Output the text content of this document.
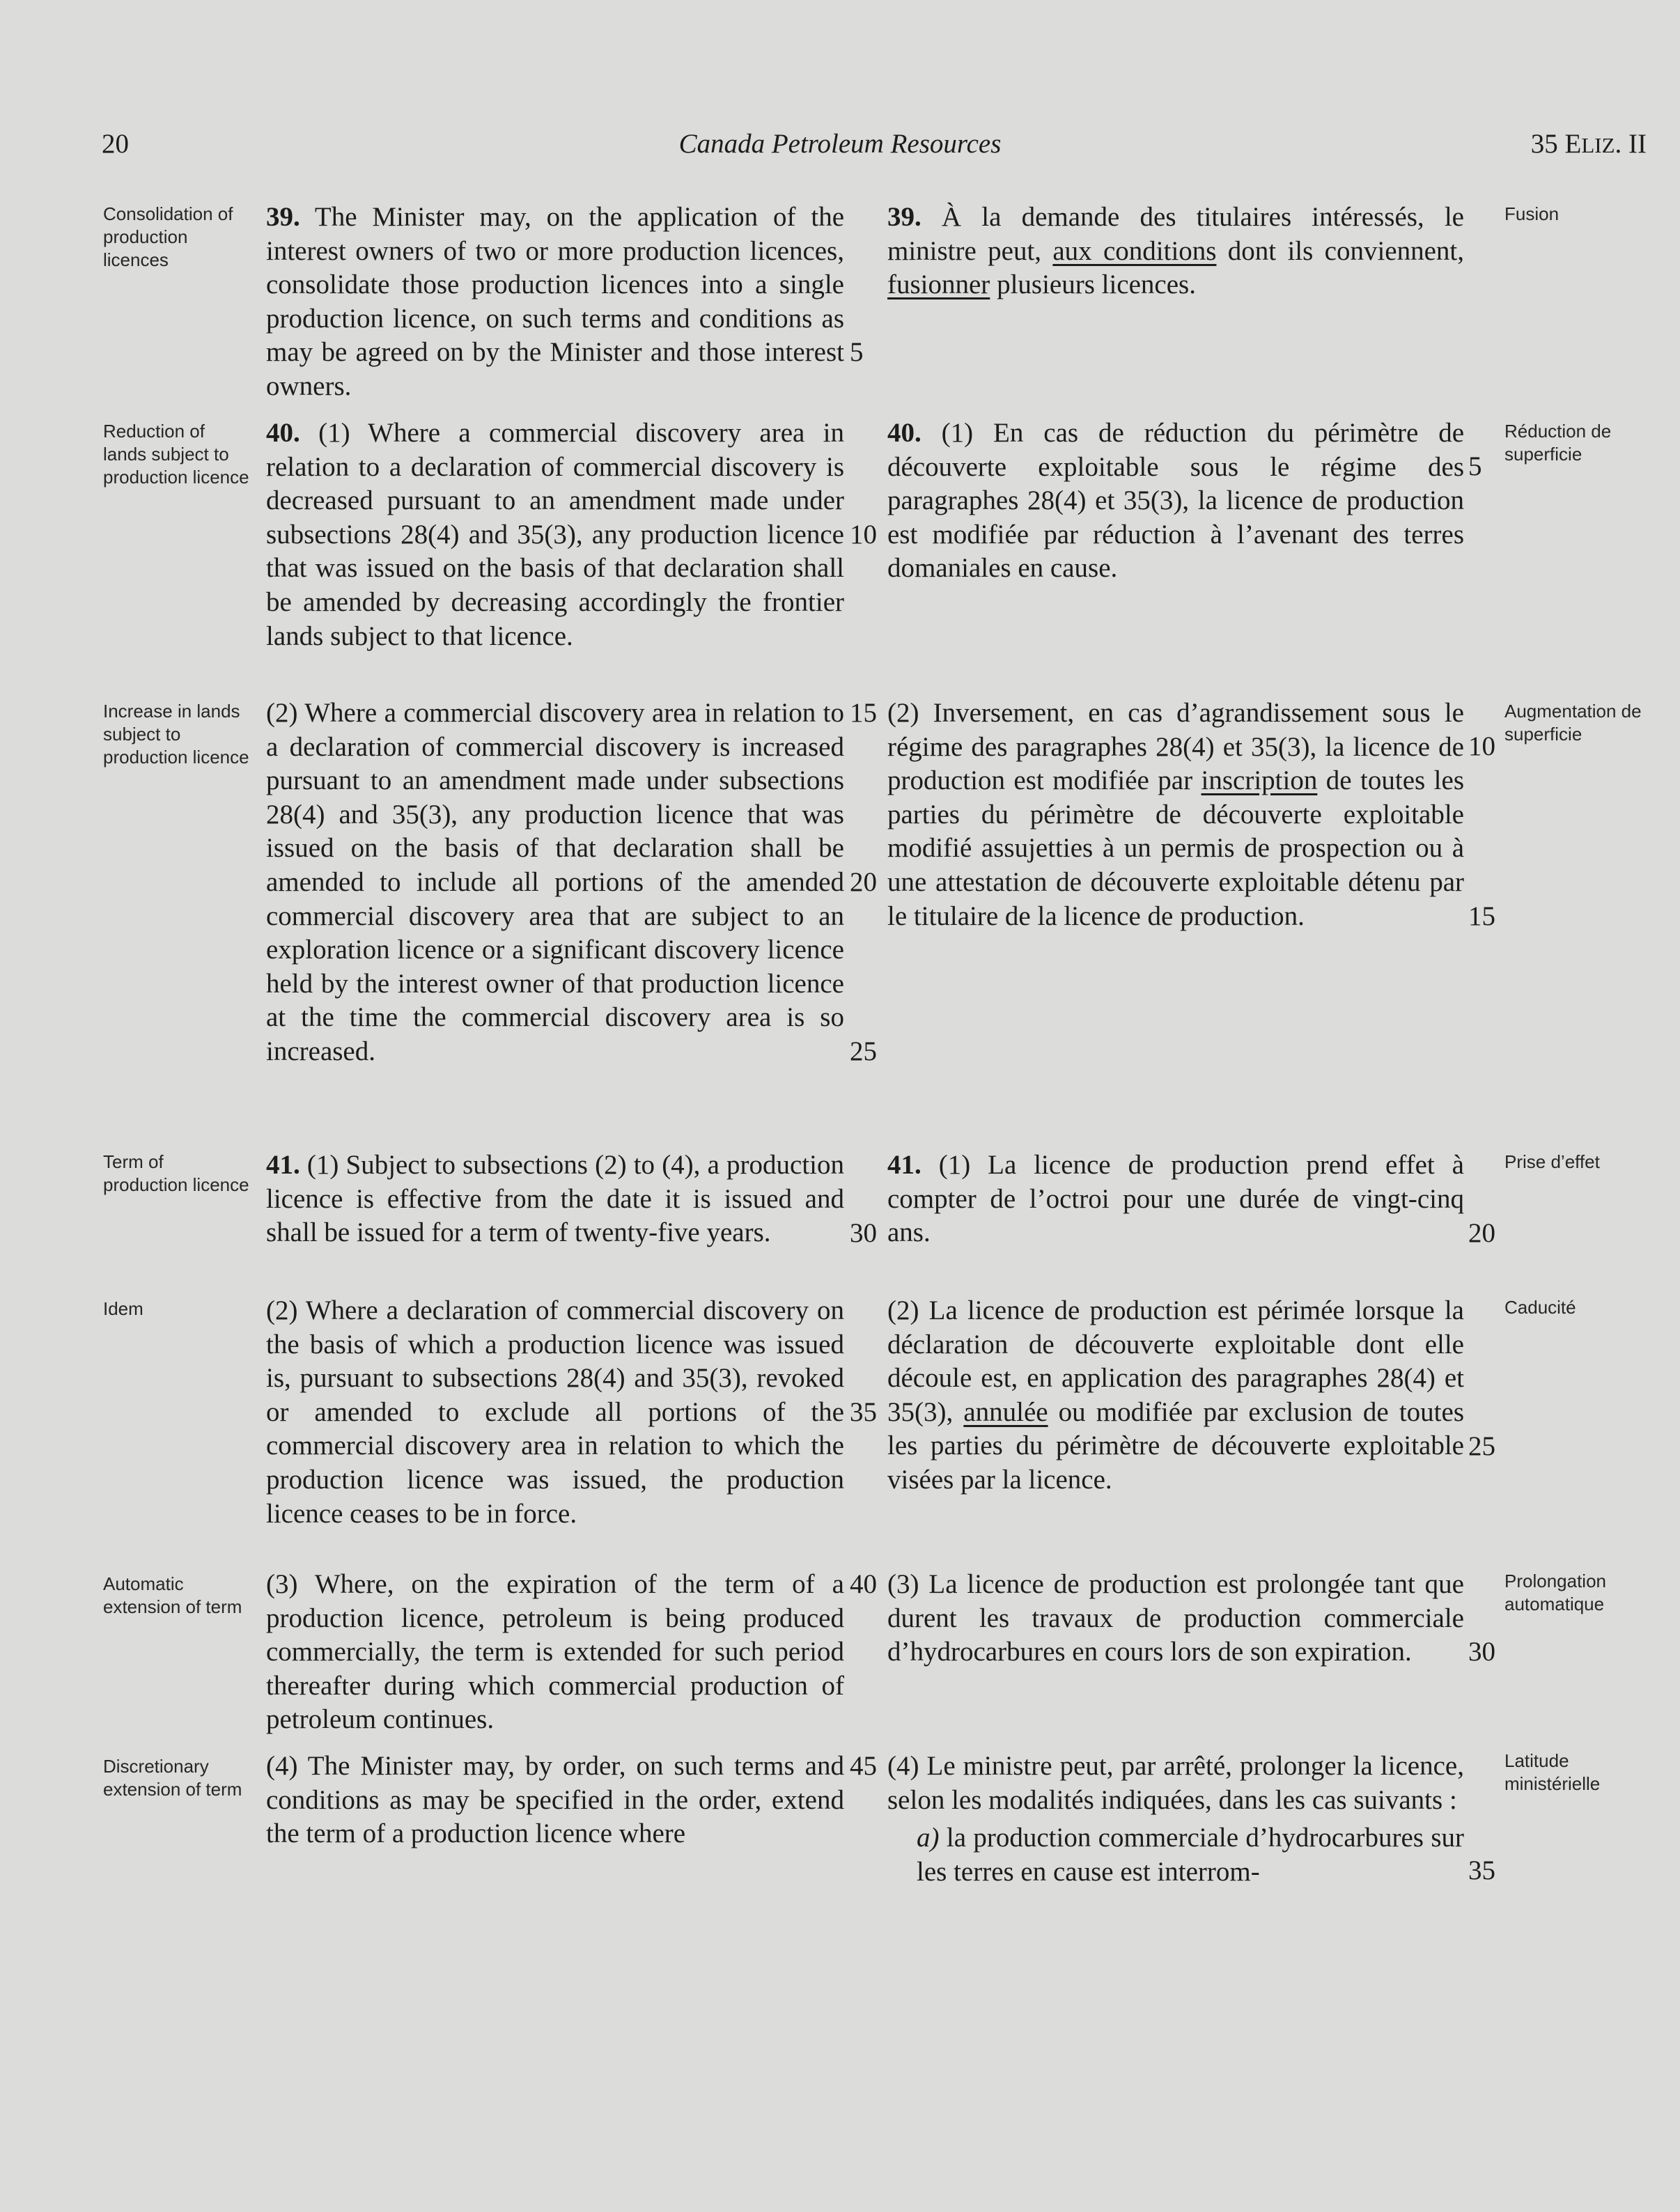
20	Canada Petroleum Resources	35 ELIZ. II
Consolidation of production licences
Fusion
39. The Minister may, on the application of the interest owners of two or more production licences, consolidate those production licences into a single production licence, on such terms and conditions as may be agreed on by the Minister and those interest owners.
39. À la demande des titulaires intéressés, le ministre peut, aux conditions dont ils conviennent, fusionner plusieurs licences.
5
Reduction of lands subject to production licence
Réduction de superficie
40. (1) Where a commercial discovery area in relation to a declaration of commercial discovery is decreased pursuant to an amendment made under subsections 28(4) and 35(3), any production licence that was issued on the basis of that declaration shall be amended by decreasing accordingly the frontier lands subject to that licence.
40. (1) En cas de réduction du périmètre de découverte exploitable sous le régime des paragraphes 28(4) et 35(3), la licence de production est modifiée par réduction à l’avenant des terres domaniales en cause.
5
10
Increase in lands subject to production licence
Augmentation de superficie
(2) Where a commercial discovery area in relation to a declaration of commercial discovery is increased pursuant to an amendment made under subsections 28(4) and 35(3), any production licence that was issued on the basis of that declaration shall be amended to include all portions of the amended commercial discovery area that are subject to an exploration licence or a significant discovery licence held by the interest owner of that production licence at the time the commercial discovery area is so increased.
(2) Inversement, en cas d’agrandissement sous le régime des paragraphes 28(4) et 35(3), la licence de production est modifiée par inscription de toutes les parties du périmètre de découverte exploitable modifié assujetties à un permis de prospection ou à une attestation de découverte exploitable détenu par le titulaire de la licence de production.
15
20
25
10
15
Term of production licence
Prise d’effet
41. (1) Subject to subsections (2) to (4), a production licence is effective from the date it is issued and shall be issued for a term of twenty-five years.
41. (1) La licence de production prend effet à compter de l’octroi pour une durée de vingt-cinq ans.
30	20
Idem	Caducité
(2) Where a declaration of commercial discovery on the basis of which a production licence was issued is, pursuant to subsections 28(4) and 35(3), revoked or amended to exclude all portions of the commercial discovery area in relation to which the production licence was issued, the production licence ceases to be in force.
(2) La licence de production est périmée lorsque la déclaration de découverte exploitable dont elle découle est, en application des paragraphes 28(4) et 35(3), annulée ou modifiée par exclusion de toutes les parties du périmètre de découverte exploitable visées par la licence.
35
25
Automatic extension of term
Prolongation automatique
(3) Where, on the expiration of the term of a production licence, petroleum is being produced commercially, the term is extended for such period thereafter during which commercial production of petroleum continues.
(3) La licence de production est prolongée tant que durent les travaux de production commerciale d’hydrocarbures en cours lors de son expiration.
40
30
Discretionary extension of term
Latitude ministérielle
(4) The Minister may, by order, on such terms and conditions as may be specified in the order, extend the term of a production licence where
(4) Le ministre peut, par arrêté, prolonger la licence, selon les modalités indiquées, dans les cas suivants :
a) la production commerciale d’hydrocarbures sur les terres en cause est interrom-
45
35
